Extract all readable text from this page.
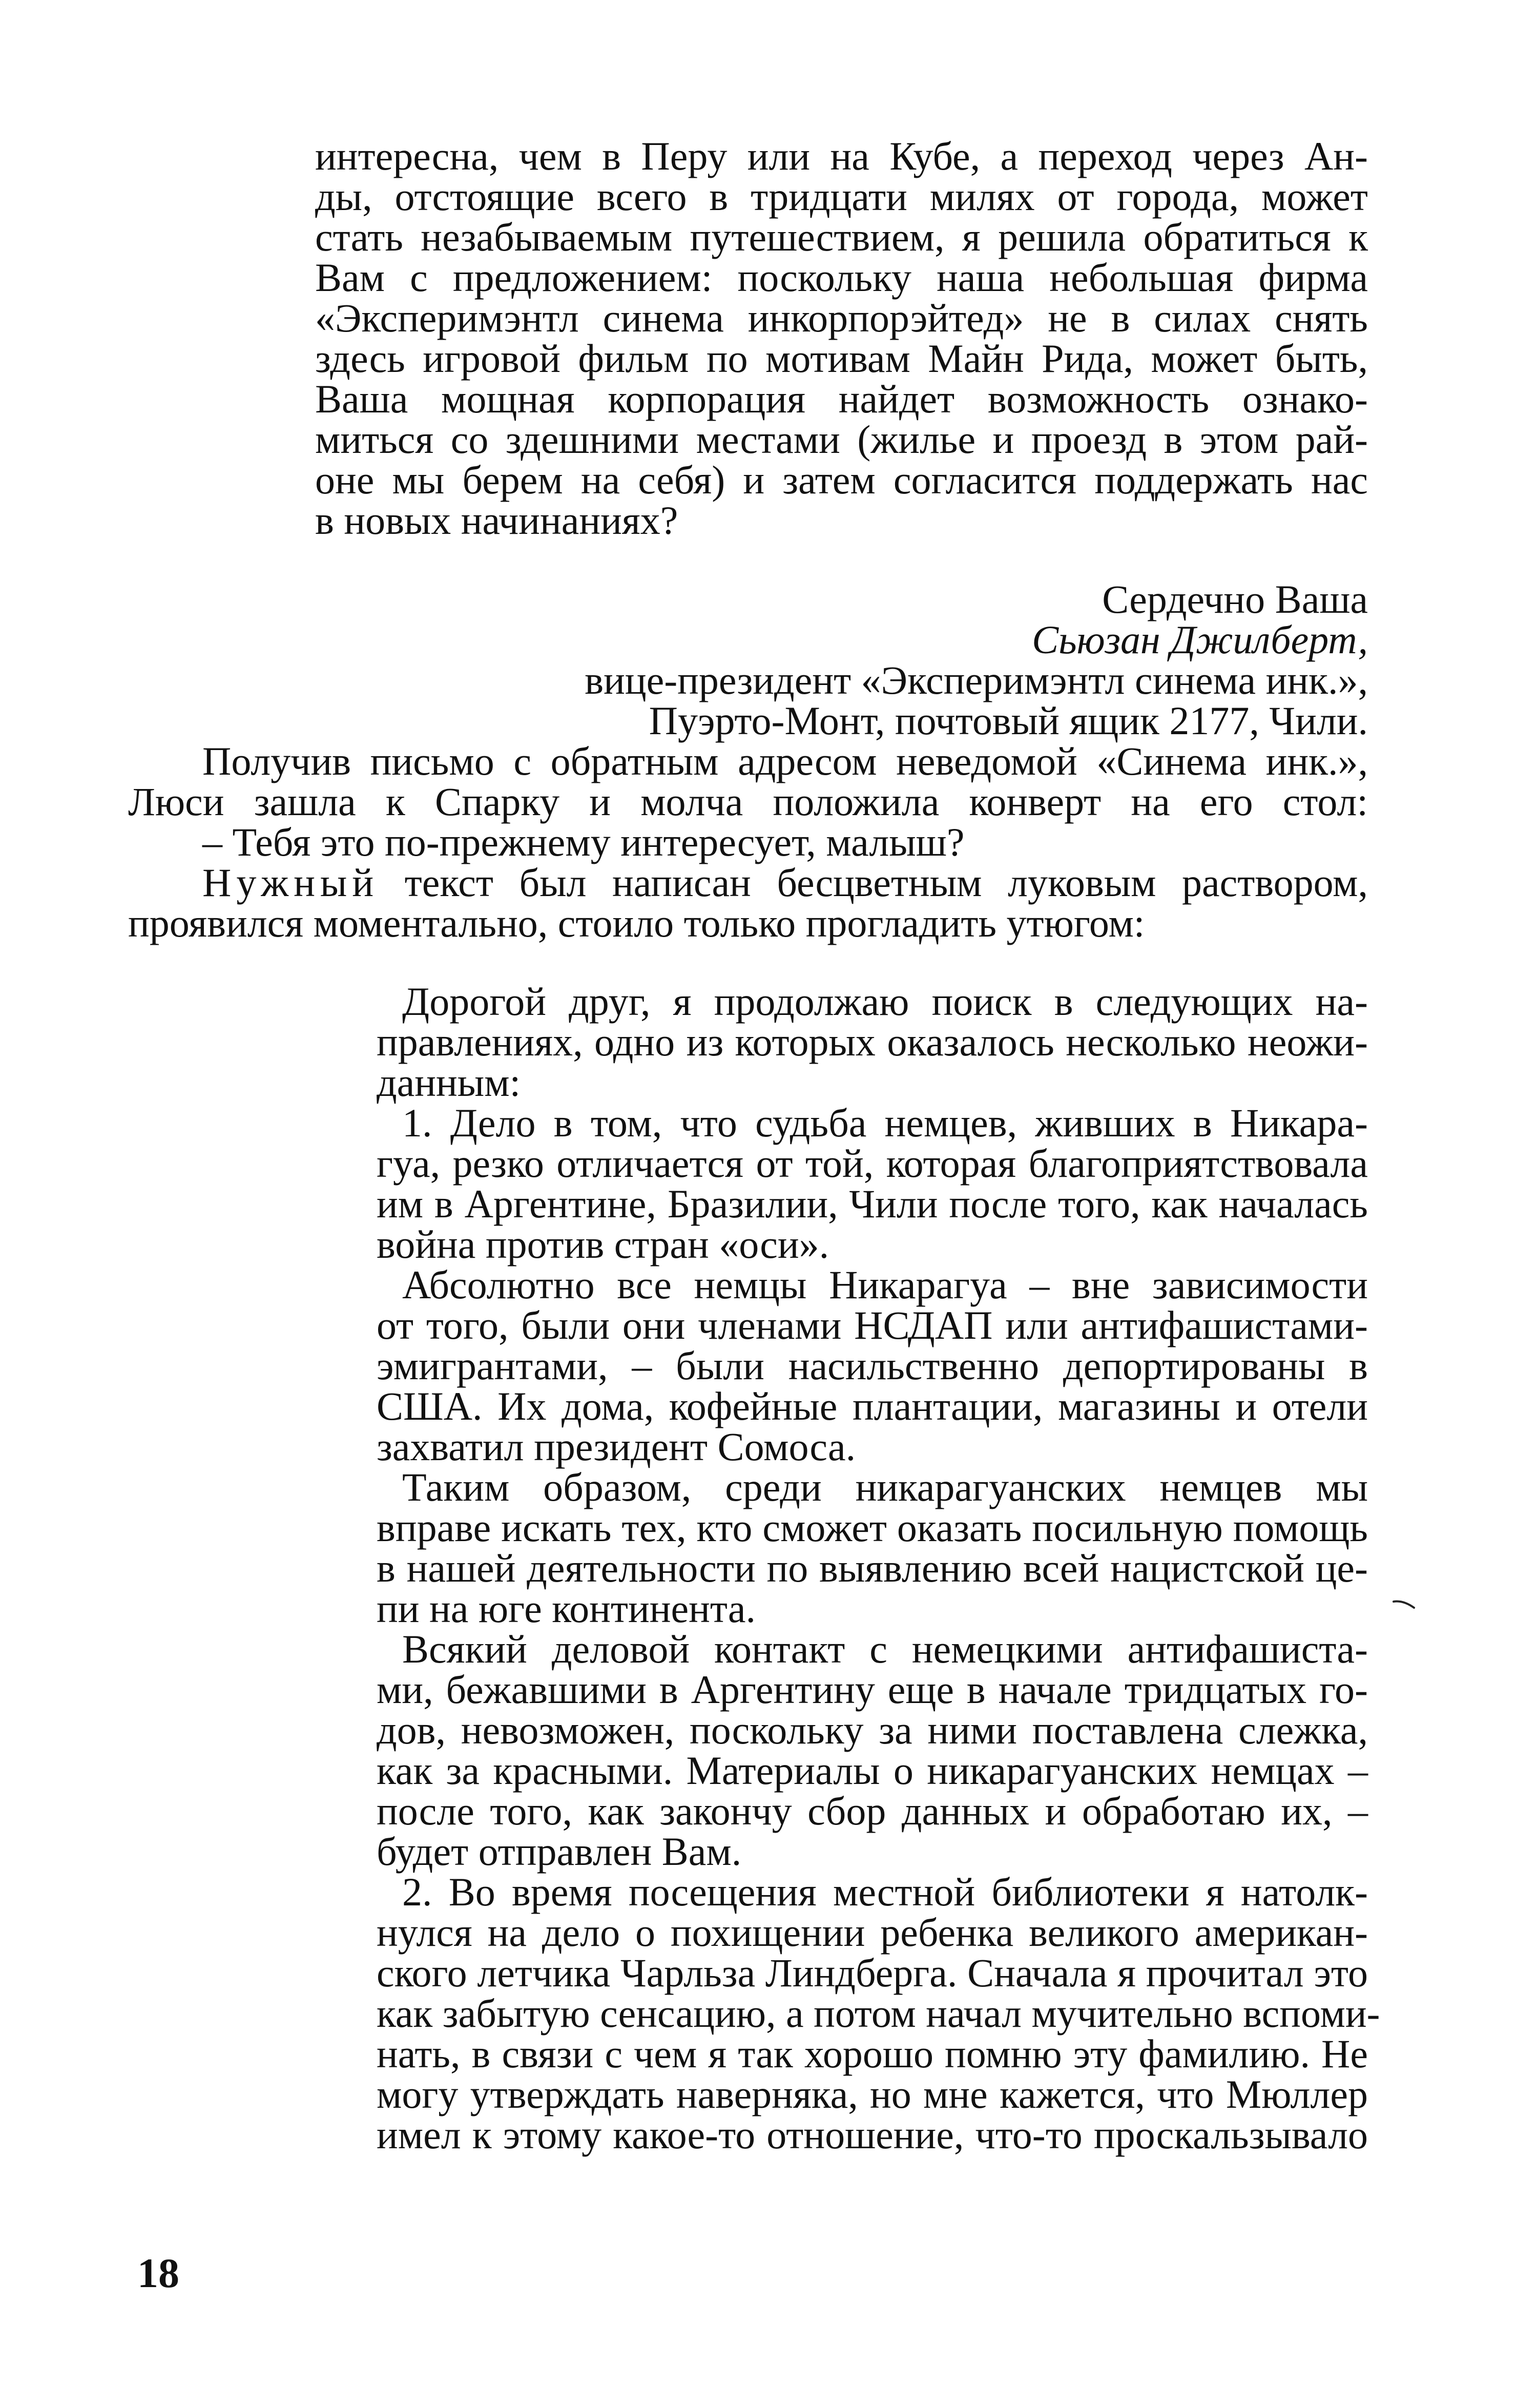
интересна, чем в Перу или на Кубе, а переход через Ан-
ды, отстоящие всего в тридцати милях от города, может
стать незабываемым путешествием, я решила обратиться к
Вам с предложением: поскольку наша небольшая фирма
«Эксперимэнтл синема инкорпорэйтед» не в силах снять
здесь игровой фильм по мотивам Майн Рида, может быть,
Ваша мощная корпорация найдет возможность ознако-
миться со здешними местами (жилье и проезд в этом рай-
оне мы берем на себя) и затем согласится поддержать нас
в новых начинаниях?
Сердечно Ваша
Сьюзан Джилберт,
вице-президент «Эксперимэнтл синема инк.»,
Пуэрто-Монт, почтовый ящик 2177, Чили.
Получив письмо с обратным адресом неведомой «Синема инк.»,
Люси зашла к Спарку и молча положила конверт на его стол:
– Тебя это по-прежнему интересует, малыш?
Нужный текст был написан бесцветным луковым раствором,
проявился моментально, стоило только прогладить утюгом:
Дорогой друг, я продолжаю поиск в следующих на-
правлениях, одно из которых оказалось несколько неожи-
данным:
1. Дело в том, что судьба немцев, живших в Никара-
гуа, резко отличается от той, которая благоприятствовала
им в Аргентине, Бразилии, Чили после того, как началась
война против стран «оси».
Абсолютно все немцы Никарагуа – вне зависимости
от того, были они членами НСДАП или антифашистами-
эмигрантами, – были насильственно депортированы в
США. Их дома, кофейные плантации, магазины и отели
захватил президент Сомоса.
Таким образом, среди никарагуанских немцев мы
вправе искать тех, кто сможет оказать посильную помощь
в нашей деятельности по выявлению всей нацистской це-
пи на юге континента.
Всякий деловой контакт с немецкими антифашиста-
ми, бежавшими в Аргентину еще в начале тридцатых го-
дов, невозможен, поскольку за ними поставлена слежка,
как за красными. Материалы о никарагуанских немцах –
после того, как закончу сбор данных и обработаю их, –
будет отправлен Вам.
2. Во время посещения местной библиотеки я натолк-
нулся на дело о похищении ребенка великого американ-
ского летчика Чарльза Линдберга. Сначала я прочитал это
как забытую сенсацию, а потом начал мучительно вспоми-
нать, в связи с чем я так хорошо помню эту фамилию. Не
могу утверждать наверняка, но мне кажется, что Мюллер
имел к этому какое-то отношение, что-то проскальзывало
18
